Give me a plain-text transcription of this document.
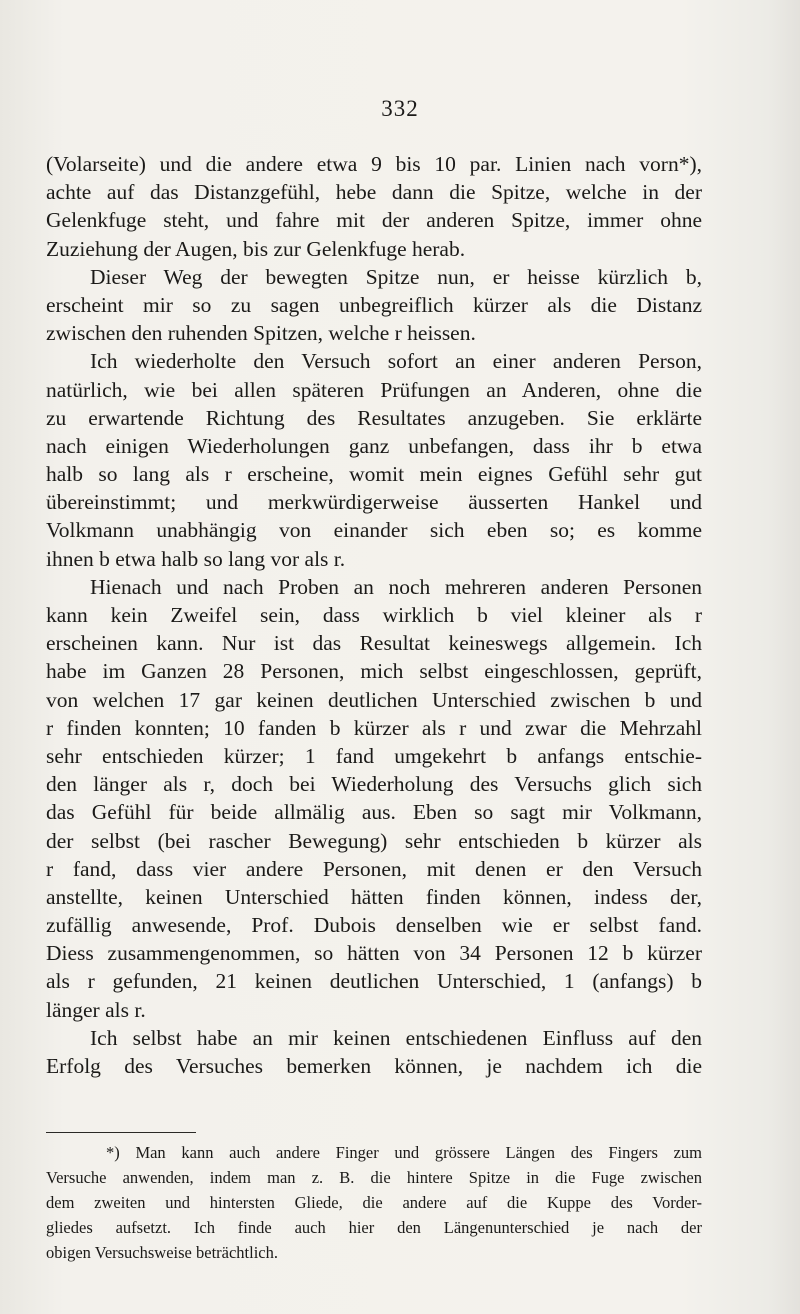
332
(Volarseite) und die andere etwa 9 bis 10 par. Linien nach vorn*),
achte auf das Distanzgefühl, hebe dann die Spitze, welche in der
Gelenkfuge steht, und fahre mit der anderen Spitze, immer ohne
Zuziehung der Augen, bis zur Gelenkfuge herab.
Dieser Weg der bewegten Spitze nun, er heisse kürzlich b,
erscheint mir so zu sagen unbegreiflich kürzer als die Distanz
zwischen den ruhenden Spitzen, welche r heissen.
Ich wiederholte den Versuch sofort an einer anderen Person,
natürlich, wie bei allen späteren Prüfungen an Anderen, ohne die
zu erwartende Richtung des Resultates anzugeben. Sie erklärte
nach einigen Wiederholungen ganz unbefangen, dass ihr b etwa
halb so lang als r erscheine, womit mein eignes Gefühl sehr gut
übereinstimmt; und merkwürdigerweise äusserten Hankel und
Volkmann unabhängig von einander sich eben so; es komme
ihnen b etwa halb so lang vor als r.
Hienach und nach Proben an noch mehreren anderen Personen
kann kein Zweifel sein, dass wirklich b viel kleiner als r
erscheinen kann. Nur ist das Resultat keineswegs allgemein. Ich
habe im Ganzen 28 Personen, mich selbst eingeschlossen, geprüft,
von welchen 17 gar keinen deutlichen Unterschied zwischen b und
r finden konnten; 10 fanden b kürzer als r und zwar die Mehrzahl
sehr entschieden kürzer; 1 fand umgekehrt b anfangs entschie-
den länger als r, doch bei Wiederholung des Versuchs glich sich
das Gefühl für beide allmälig aus. Eben so sagt mir Volkmann,
der selbst (bei rascher Bewegung) sehr entschieden b kürzer als
r fand, dass vier andere Personen, mit denen er den Versuch
anstellte, keinen Unterschied hätten finden können, indess der,
zufällig anwesende, Prof. Dubois denselben wie er selbst fand.
Diess zusammengenommen, so hätten von 34 Personen 12 b kürzer
als r gefunden, 21 keinen deutlichen Unterschied, 1 (anfangs) b
länger als r.
Ich selbst habe an mir keinen entschiedenen Einfluss auf den
Erfolg des Versuches bemerken können, je nachdem ich die
*) Man kann auch andere Finger und grössere Längen des Fingers zum
Versuche anwenden, indem man z. B. die hintere Spitze in die Fuge zwischen
dem zweiten und hintersten Gliede, die andere auf die Kuppe des Vorder-
gliedes aufsetzt. Ich finde auch hier den Längenunterschied je nach der
obigen Versuchsweise beträchtlich.
